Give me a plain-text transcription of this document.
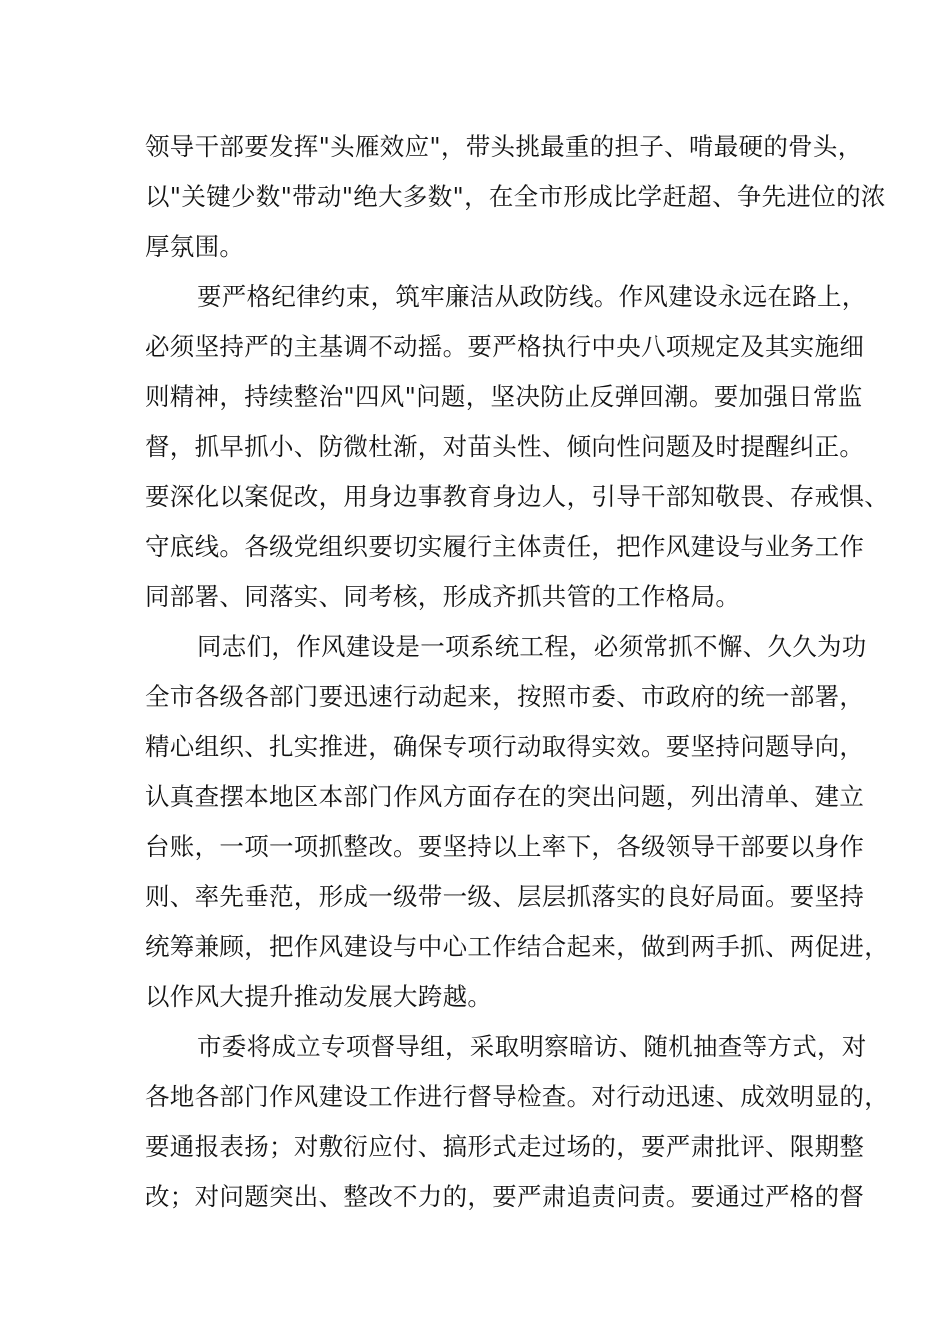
领导干部要发挥"头雁效应"，带头挑最重的担子、啃最硬的骨头，
以"关键少数"带动"绝大多数"，在全市形成比学赶超、争先进位的浓
厚氛围。
要严格纪律约束，筑牢廉洁从政防线。作风建设永远在路上，
必须坚持严的主基调不动摇。要严格执行中央八项规定及其实施细
则精神，持续整治"四风"问题，坚决防止反弹回潮。要加强日常监
督，抓早抓小、防微杜渐，对苗头性、倾向性问题及时提醒纠正。
要深化以案促改，用身边事教育身边人，引导干部知敬畏、存戒惧、
守底线。各级党组织要切实履行主体责任，把作风建设与业务工作
同部署、同落实、同考核，形成齐抓共管的工作格局。
同志们，作风建设是一项系统工程，必须常抓不懈、久久为功
全市各级各部门要迅速行动起来，按照市委、市政府的统一部署，
精心组织、扎实推进，确保专项行动取得实效。要坚持问题导向，
认真查摆本地区本部门作风方面存在的突出问题，列出清单、建立
台账，一项一项抓整改。要坚持以上率下，各级领导干部要以身作
则、率先垂范，形成一级带一级、层层抓落实的良好局面。要坚持
统筹兼顾，把作风建设与中心工作结合起来，做到两手抓、两促进，
以作风大提升推动发展大跨越。
市委将成立专项督导组，采取明察暗访、随机抽查等方式，对
各地各部门作风建设工作进行督导检查。对行动迅速、成效明显的，
要通报表扬；对敷衍应付、搞形式走过场的，要严肃批评、限期整
改；对问题突出、整改不力的，要严肃追责问责。要通过严格的督
